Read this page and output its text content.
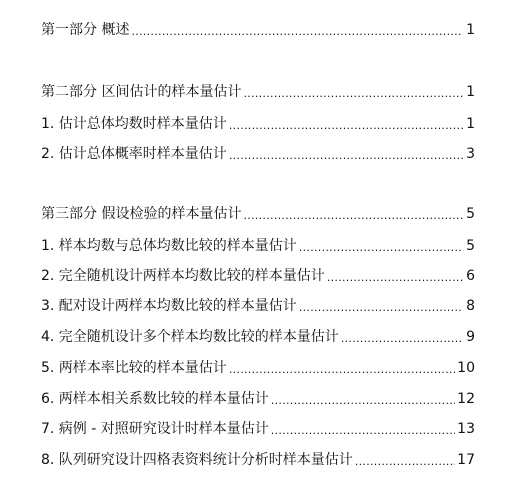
第一部分 概述 .....	1
第二部分 区间估计的样本量估计 .....	1
1. 估计总体均数时样本量估计 .....	1
2. 估计总体概率时样本量估计 .....	3
第三部分 假设检验的样本量估计 .....	5
1. 样本均数与总体均数比较的样本量估计 .....	5
2. 完全随机设计两样本均数比较的样本量估计 .....	6
3. 配对设计两样本均数比较的样本量估计 .....	8
4. 完全随机设计多个样本均数比较的样本量估计 .....	9
5. 两样本率比较的样本量估计 .....	10
6. 两样本相关系数比较的样本量估计 .....	12
7. 病例 - 对照研究设计时样本量估计 .....	13
8. 队列研究设计四格表资料统计分析时样本量估计 .....	17
